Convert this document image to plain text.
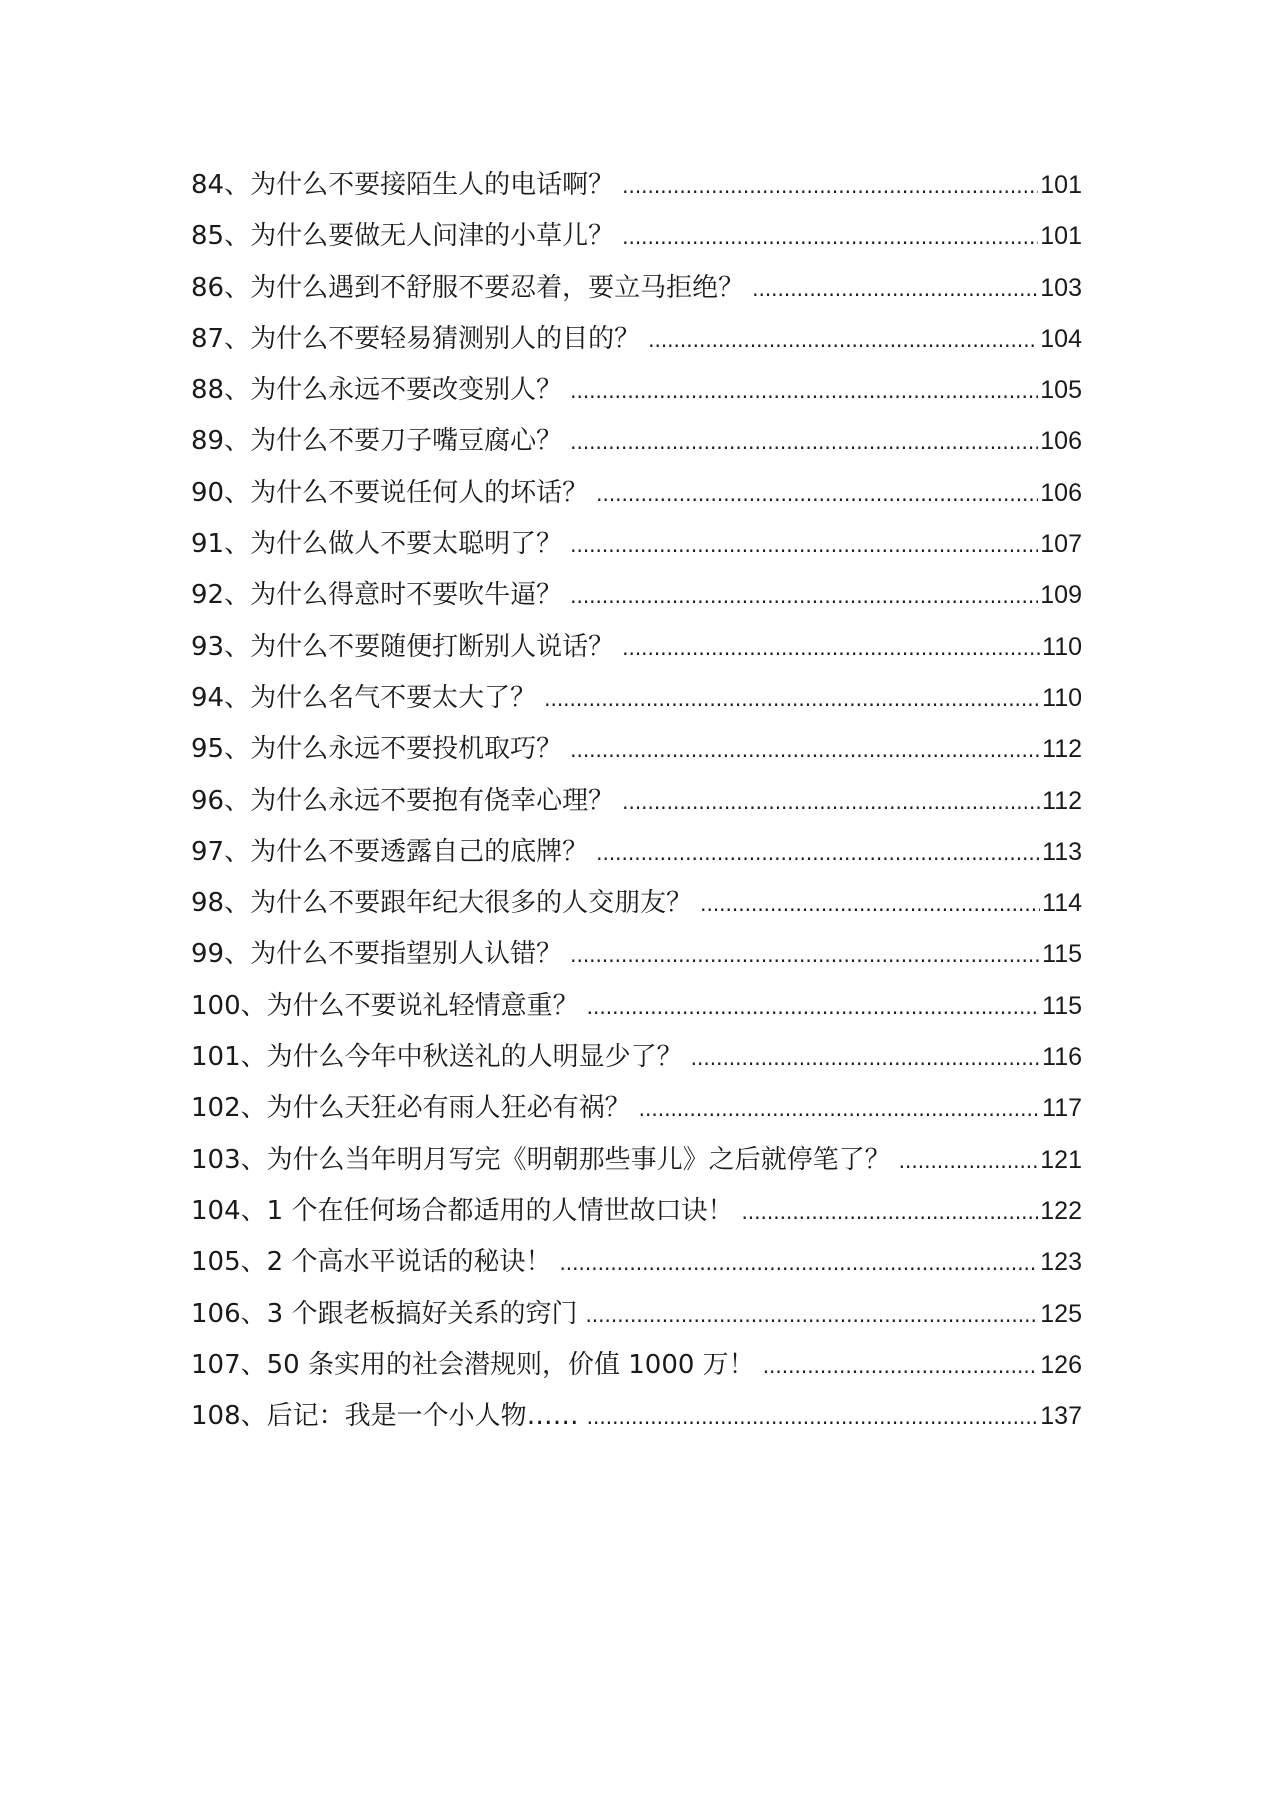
84、 为什么不要接陌生人的电话啊？ .....	101
85、 为什么要做无人问津的小草儿？ .....	101
86、 为什么遇到不舒服不要忍着，要立马拒绝？ .....	103
87、 为什么不要轻易猜测别人的目的？ .....	104
88、 为什么永远不要改变别人？ .....	105
89、 为什么不要刀子嘴豆腐心？ .....	106
90、 为什么不要说任何人的坏话？ .....	106
91、 为什么做人不要太聪明了？ .....	107
92、 为什么得意时不要吹牛逼？ .....	109
93、 为什么不要随便打断别人说话？ .....	110
94、 为什么名气不要太大了？ .....	110
95、 为什么永远不要投机取巧？ .....	112
96、 为什么永远不要抱有侥幸心理？ .....	112
97、 为什么不要透露自己的底牌？ .....	113
98、 为什么不要跟年纪大很多的人交朋友？ .....	114
99、 为什么不要指望别人认错？ .....	115
100、 为什么不要说礼轻情意重？ .....	115
101、 为什么今年中秋送礼的人明显少了？ .....	116
102、 为什么天狂必有雨人狂必有祸？ .....	117
103、 为什么当年明月写完《明朝那些事儿》之后就停笔了？ .....	121
104、 1 个在任何场合都适用的人情世故口诀！ .....	122
105、 2 个高水平说话的秘诀！ .....	123
106、 3 个跟老板搞好关系的窍门 .....	125
107、 50 条实用的社会潜规则，价值 1000 万！ .....	126
108、 后记：我是一个小人物…… .....	137
